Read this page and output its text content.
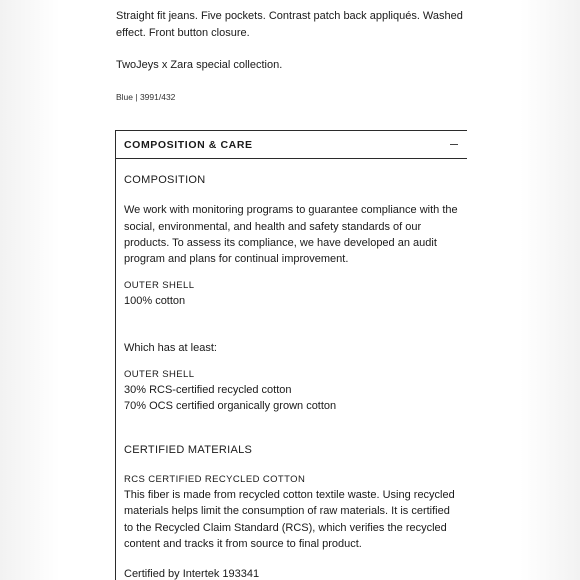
Straight fit jeans. Five pockets. Contrast patch back appliqués. Washed effect. Front button closure.

TwoJeys x Zara special collection.

Blue | 3991/432

COMPOSITION & CARE

COMPOSITION

We work with monitoring programs to guarantee compliance with the social, environmental, and health and safety standards of our products. To assess its compliance, we have developed an audit program and plans for continual improvement.

OUTER SHELL

100% cotton

Which has at least:

OUTER SHELL

30% RCS-certified recycled cotton

70% OCS certified organically grown cotton

CERTIFIED MATERIALS

RCS CERTIFIED RECYCLED COTTON

This fiber is made from recycled cotton textile waste. Using recycled materials helps limit the consumption of raw materials. It is certified to the Recycled Claim Standard (RCS), which verifies the recycled content and tracks it from source to final product.

Certified by Intertek 193341
